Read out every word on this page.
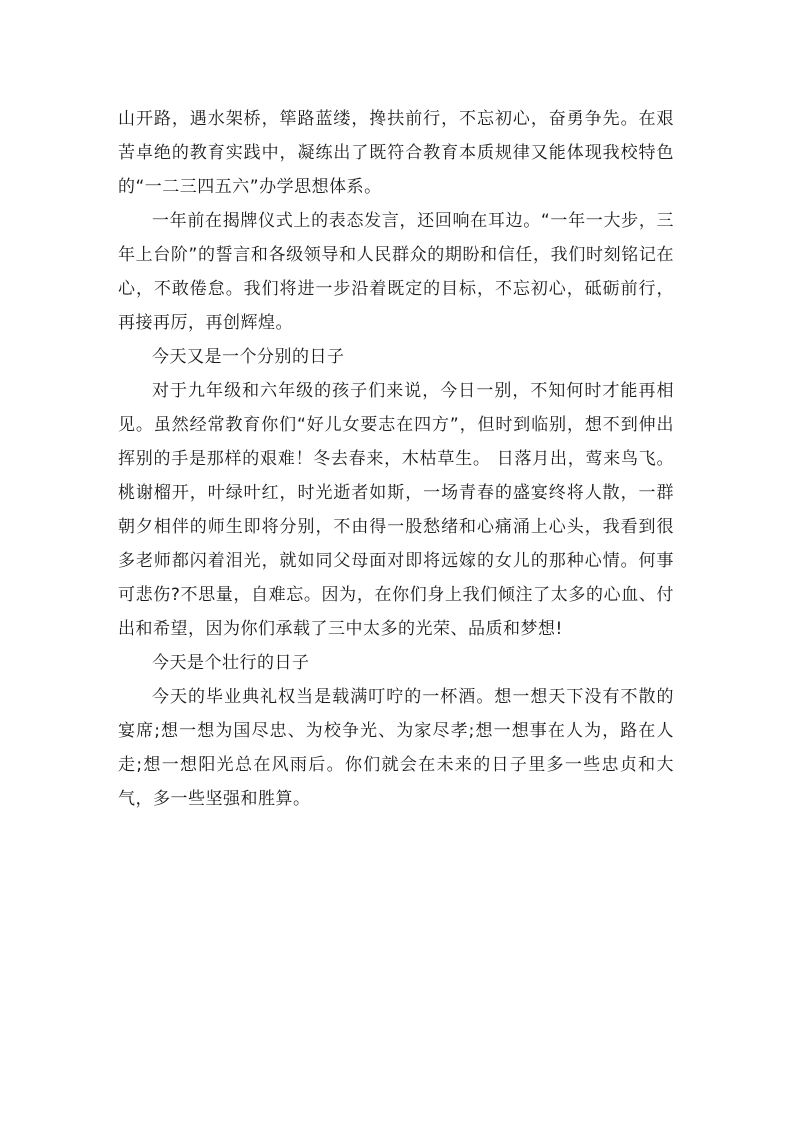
山开路，遇水架桥，筚路蓝缕，搀扶前行，不忘初心，奋勇争先。在艰苦卓绝的教育实践中，凝练出了既符合教育本质规律又能体现我校特色的“一二三四五六”办学思想体系。

一年前在揭牌仪式上的表态发言，还回响在耳边。“一年一大步，三年上台阶”的誓言和各级领导和人民群众的期盼和信任，我们时刻铭记在心，不敢倦怠。我们将进一步沿着既定的目标，不忘初心，砥砺前行，再接再厉，再创辉煌。

今天又是一个分别的日子

对于九年级和六年级的孩子们来说，今日一别，不知何时才能再相见。虽然经常教育你们“好儿女要志在四方”，但时到临别，想不到伸出挥别的手是那样的艰难！冬去春来，木枯草生。 日落月出，莺来鸟飞。桃谢榴开，叶绿叶红，时光逝者如斯，一场青春的盛宴终将人散，一群朝夕相伴的师生即将分别，不由得一股愁绪和心痛涌上心头，我看到很多老师都闪着泪光，就如同父母面对即将远嫁的女儿的那种心情。何事可悲伤?不思量，自难忘。因为，在你们身上我们倾注了太多的心血、付出和希望，因为你们承载了三中太多的光荣、品质和梦想!

今天是个壮行的日子

今天的毕业典礼权当是载满叮咛的一杯酒。想一想天下没有不散的宴席;想一想为国尽忠、为校争光、为家尽孝;想一想事在人为，路在人走;想一想阳光总在风雨后。你们就会在未来的日子里多一些忠贞和大气，多一些坚强和胜算。
